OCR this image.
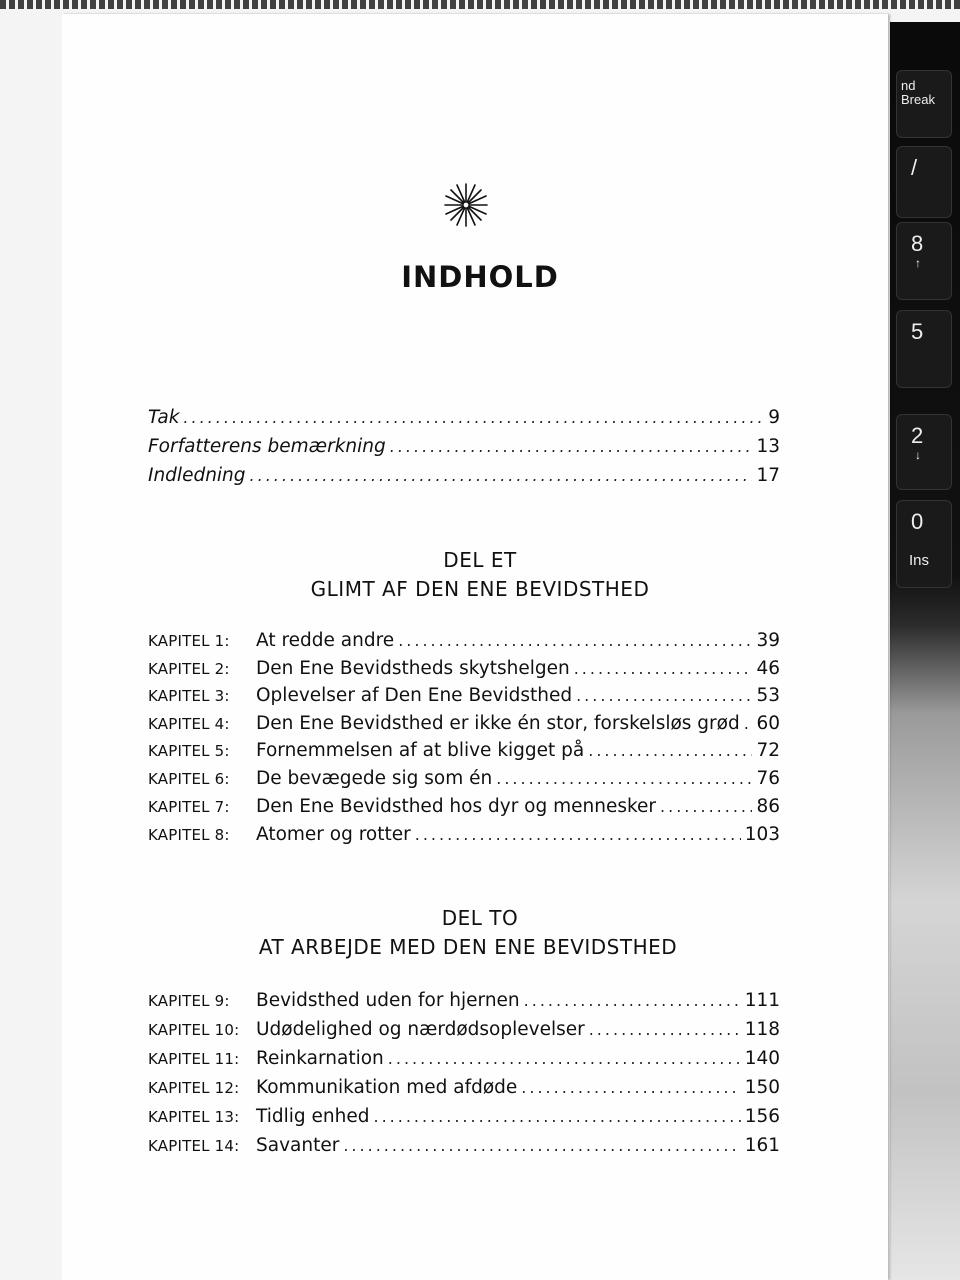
nd
Break
/
8
↑
5
2
↓
0
Ins
INDHOLD
Tak .....	9
Forfatterens bemærkning .....	13
Indledning .....	17
DEL ET
GLIMT AF DEN ENE BEVIDSTHED
KAPITEL 1:	At redde andre .....	39
KAPITEL 2:	Den Ene Bevidstheds skytshelgen .....	46
KAPITEL 3:	Oplevelser af Den Ene Bevidsthed .....	53
KAPITEL 4:	Den Ene Bevidsthed er ikke én stor, forskelsløs grød ..... 60
KAPITEL 5:	Fornemmelsen af at blive kigget på .....	72
KAPITEL 6:	De bevægede sig som én .....	76
KAPITEL 7:	Den Ene Bevidsthed hos dyr og mennesker .....	86
KAPITEL 8:	Atomer og rotter .....	103
DEL TO
AT ARBEJDE MED DEN ENE BEVIDSTHED
KAPITEL 9:	Bevidsthed uden for hjernen .....	111
KAPITEL 10: Udødelighed og nærdødsoplevelser .....	118
KAPITEL 11: Reinkarnation .....	140
KAPITEL 12: Kommunikation med afdøde .....	150
KAPITEL 13: Tidlig enhed .....	156
KAPITEL 14: Savanter .....	161
